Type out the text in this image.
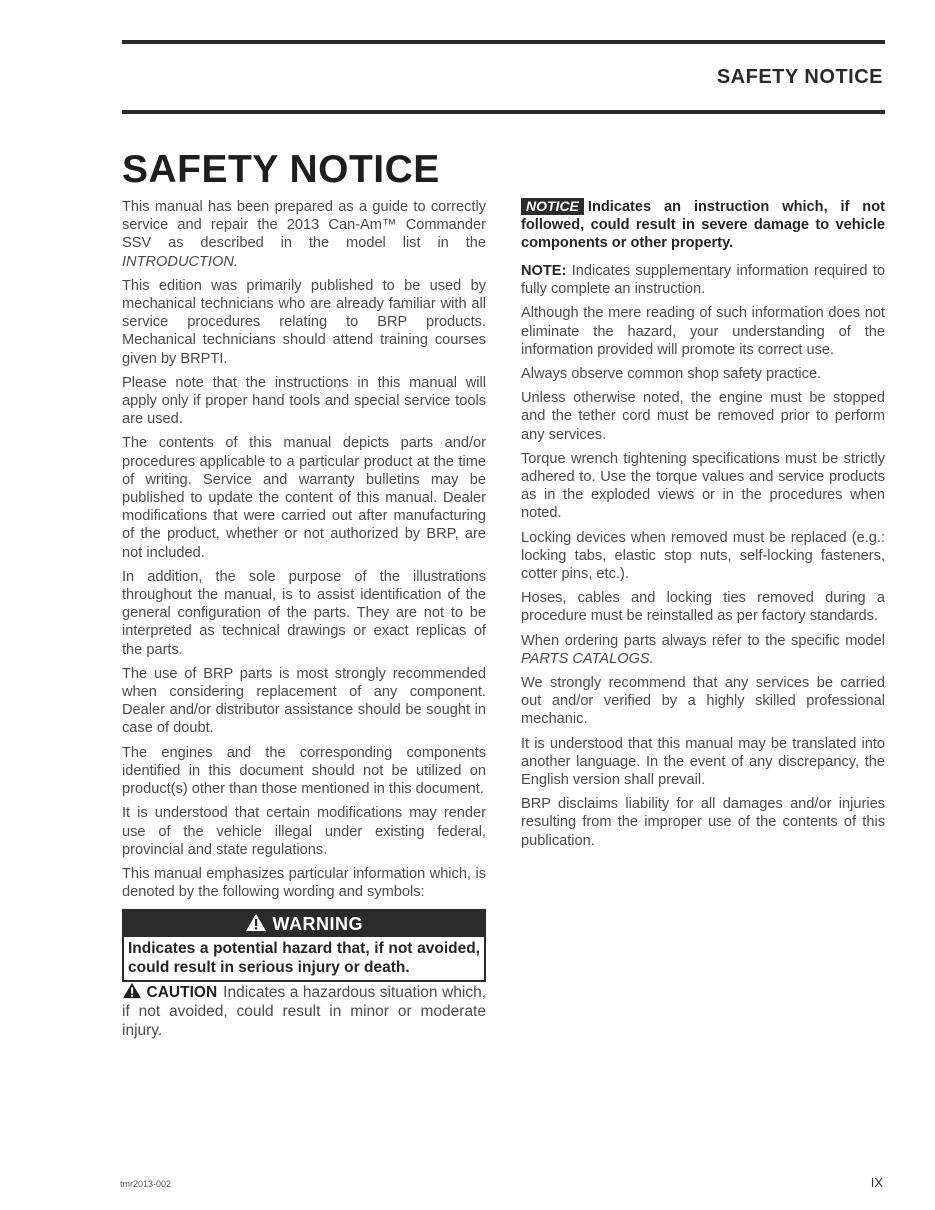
SAFETY NOTICE
SAFETY NOTICE

This manual has been prepared as a guide to correctly service and repair the 2013 Can-Am™ Commander SSV as described in the model list in the INTRODUCTION.

This edition was primarily published to be used by mechanical technicians who are already familiar with all service procedures relating to BRP products. Mechanical technicians should attend training courses given by BRPTI.

Please note that the instructions in this manual will apply only if proper hand tools and special service tools are used.

The contents of this manual depicts parts and/or procedures applicable to a particular product at the time of writing. Service and warranty bulletins may be published to update the content of this manual. Dealer modifications that were carried out after manufacturing of the product, whether or not authorized by BRP, are not included.

In addition, the sole purpose of the illustrations throughout the manual, is to assist identification of the general configuration of the parts. They are not to be interpreted as technical drawings or exact replicas of the parts.

The use of BRP parts is most strongly recommended when considering replacement of any component. Dealer and/or distributor assistance should be sought in case of doubt.

The engines and the corresponding components identified in this document should not be utilized on product(s) other than those mentioned in this document.

It is understood that certain modifications may render use of the vehicle illegal under existing federal, provincial and state regulations.

This manual emphasizes particular information which, is denoted by the following wording and symbols:

WARNING
Indicates a potential hazard that, if not avoided, could result in serious injury or death.

CAUTION Indicates a hazardous situation which, if not avoided, could result in minor or moderate injury.

NOTICE Indicates an instruction which, if not followed, could result in severe damage to vehicle components or other property.

NOTE: Indicates supplementary information required to fully complete an instruction.

Although the mere reading of such information does not eliminate the hazard, your understanding of the information provided will promote its correct use.

Always observe common shop safety practice.

Unless otherwise noted, the engine must be stopped and the tether cord must be removed prior to perform any services.

Torque wrench tightening specifications must be strictly adhered to. Use the torque values and service products as in the exploded views or in the procedures when noted.

Locking devices when removed must be replaced (e.g.: locking tabs, elastic stop nuts, self-locking fasteners, cotter pins, etc.).

Hoses, cables and locking ties removed during a procedure must be reinstalled as per factory standards.

When ordering parts always refer to the specific model PARTS CATALOGS.

We strongly recommend that any services be carried out and/or verified by a highly skilled professional mechanic.

It is understood that this manual may be translated into another language. In the event of any discrepancy, the English version shall prevail.

BRP disclaims liability for all damages and/or injuries resulting from the improper use of the contents of this publication.

tmr2013-002	IX
